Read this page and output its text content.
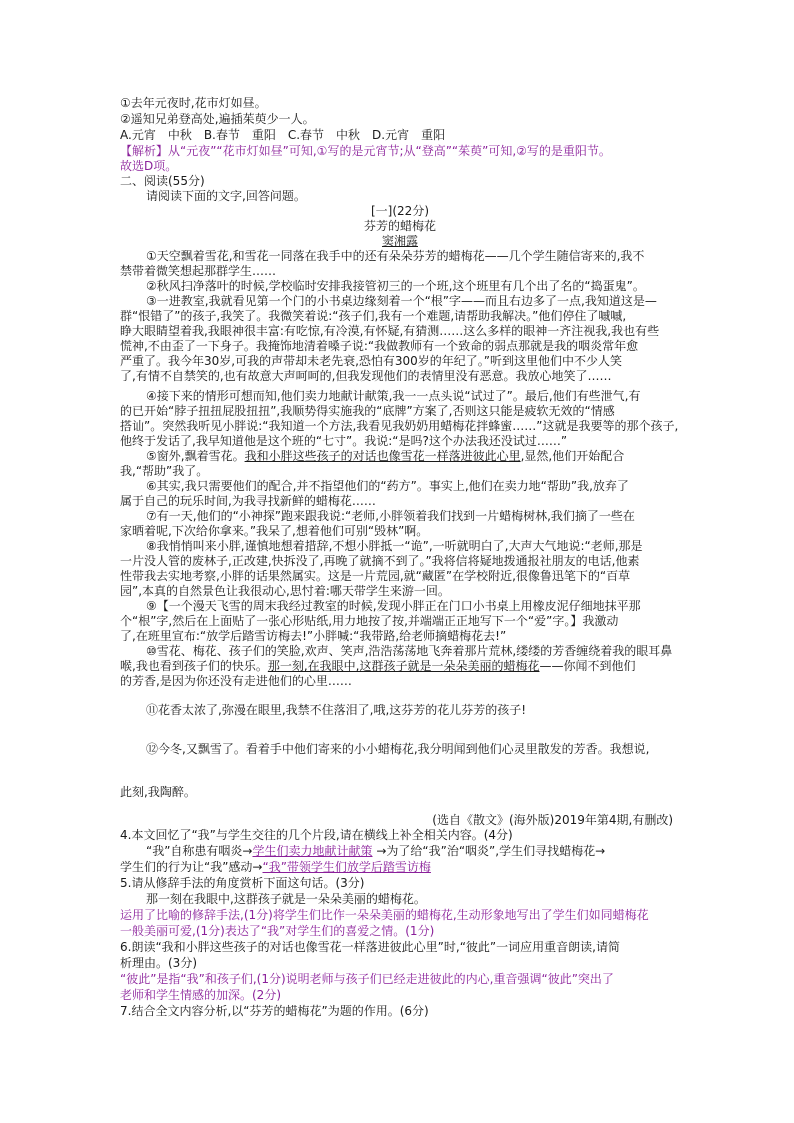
①去年元夜时,花市灯如昼。
②遥知兄弟登高处,遍插茱萸少一人。
A.元宵　中秋　B.春节　重阳　C.春节　中秋　D.元宵　重阳
【解析】从“元夜”“花市灯如昼”可知,①写的是元宵节;从“登高”“茱萸”可知,②写的是重阳节。
故选D项。
二、阅读(55分)
请阅读下面的文字,回答问题。
[一](22分)
芬芳的蜡梅花
窦湘露
①天空飘着雪花,和雪花一同落在我手中的还有朵朵芬芳的蜡梅花——几个学生随信寄来的,我不
禁带着微笑想起那群学生……
②秋风扫净落叶的时候,学校临时安排我接管初三的一个班,这个班里有几个出了名的“捣蛋鬼”。
③一进教室,我就看见第一个门的小书桌边缘刻着一个“根”字——而且右边多了一点,我知道这是—
群“恨错了”的孩子,我笑了。我微笑着说:“孩子们,我有一个难题,请帮助我解决。”他们停住了嘁嘁,
睁大眼睛望着我,我眼神很丰富:有吃惊,有冷漠,有怀疑,有猜测……这么多样的眼神一齐注视我,我也有些
慌神,不由歪了一下身子。我掩饰地清着嗓子说:“我做教师有一个致命的弱点那就是我的咽炎常年愈
严重了。我今年30岁,可我的声带却未老先衰,恐怕有300岁的年纪了。”听到这里他们中不少人笑
了,有情不自禁笑的,也有故意大声呵呵的,但我发现他们的表情里没有恶意。我放心地笑了……
④接下来的情形可想而知,他们卖力地献计献策,我一一点头说“试过了”。最后,他们有些泄气,有
的已开始“脖子扭扭屁股扭扭”,我顺势得实施我的“底牌”方案了,否则这只能是疲软无效的“情感
搭讪”。突然我听见小胖说:“我知道一个方法,我看见我奶奶用蜡梅花拌蜂蜜……”这就是我要等的那个孩子,
他终于发话了,我早知道他是这个班的“七寸”。我说:“是吗?这个办法我还没试过……”
⑤窗外,飘着雪花。我和小胖这些孩子的对话也像雪花一样落进彼此心里,显然,他们开始配合
我,“帮助”我了。
⑥其实,我只需要他们的配合,并不指望他们的“药方”。事实上,他们在卖力地“帮助”我,放弃了
属于自己的玩乐时间,为我寻找新鲜的蜡梅花……
⑦有一天,他们的“小神探”跑来跟我说:“老师,小胖领着我们找到一片蜡梅树林,我们摘了一些在
家晒着呢,下次给你拿来。”我呆了,想着他们可别“毁林”啊。
⑧我悄悄叫来小胖,谨慎地想着措辞,不想小胖抵一“诡”,一听就明白了,大声大气地说:“老师,那是
一片没人管的废林子,正改建,快拆没了,再晚了就摘不到了。”我将信将疑地拨通报社朋友的电话,他素
性带我去实地考察,小胖的话果然属实。这是一片荒园,就“藏匿”在学校附近,很像鲁迅笔下的“百草
园”,本真的自然景色让我很动心,思忖着:哪天带学生来游一回。
⑨【一个漫天飞雪的周末我经过教室的时候,发现小胖正在门口小书桌上用橡皮泥仔细地抹平那
个“根”字,然后在上面贴了一张心形贴纸,用力地按了按,并端端正正地写下一个“爱”字。】我激动
了,在班里宣布:“放学后踏雪访梅去!”小胖喊:“我带路,给老师摘蜡梅花去!”
⑩雪花、梅花、孩子们的笑脸,欢声、笑声,浩浩荡荡地飞奔着那片荒林,缕缕的芳香缠绕着我的眼耳鼻
喉,我也看到孩子们的快乐。那一刻,在我眼中,这群孩子就是一朵朵美丽的蜡梅花——你闻不到他们
的芳香,是因为你还没有走进他们的心里……
⑪花香太浓了,弥漫在眼里,我禁不住落泪了,哦,这芬芳的花儿芬芳的孩子!
⑫今冬,又飘雪了。看着手中他们寄来的小小蜡梅花,我分明闻到他们心灵里散发的芳香。我想说,
此刻,我陶醉。
(选自《散文》(海外版)2019年第4期,有删改)
4.本文回忆了“我”与学生交往的几个片段,请在横线上补全相关内容。(4分)
“我”自称患有咽炎→学生们卖力地献计献策 →为了给“我”治“咽炎”,学生们寻找蜡梅花→
学生们的行为让“我”感动→“我”带领学生们放学后踏雪访梅
5.请从修辞手法的角度赏析下面这句话。(3分)
那一刻在我眼中,这群孩子就是一朵朵美丽的蜡梅花。
运用了比喻的修辞手法,(1分)将学生们比作一朵朵美丽的蜡梅花,生动形象地写出了学生们如同蜡梅花
一般美丽可爱,(1分)表达了“我”对学生们的喜爱之情。(1分)
6.朗读“我和小胖这些孩子的对话也像雪花一样落进彼此心里”时,“彼此”一词应用重音朗读,请简
析理由。(3分)
“彼此”是指“我”和孩子们,(1分)说明老师与孩子们已经走进彼此的内心,重音强调“彼此”突出了
老师和学生情感的加深。(2分)
7.结合全文内容分析,以“芬芳的蜡梅花”为题的作用。(6分)
